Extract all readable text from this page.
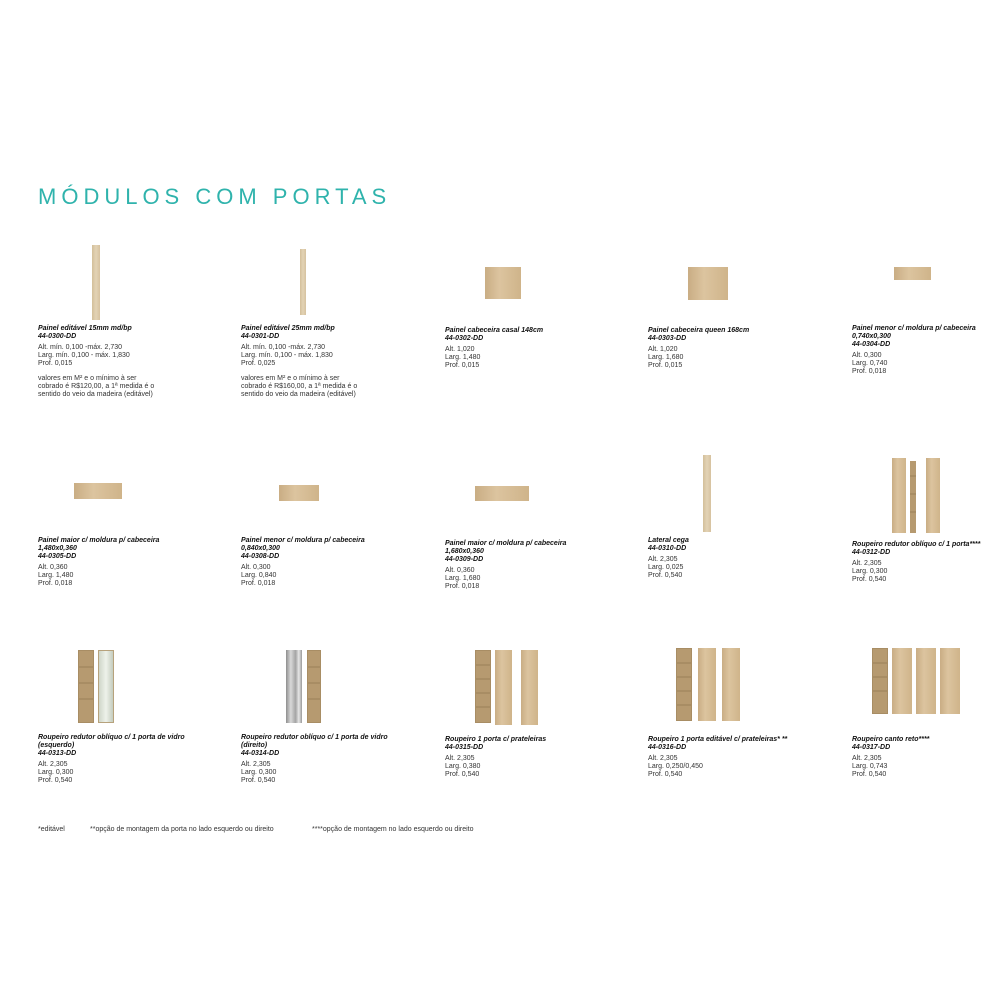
MÓDULOS COM PORTAS
Painel editável 15mm md/bp
44-0300-DD
Alt. mín. 0,100 -máx. 2,730
Larg. mín. 0,100 - máx. 1,830
Prof. 0,015
valores em M² e o mínimo à ser cobrado é R$120,00, a 1ª medida é o sentido do veio da madeira (editável)
Painel editável 25mm md/bp
44-0301-DD
Alt. mín. 0,100 -máx. 2,730
Larg. mín. 0,100 - máx. 1,830
Prof. 0,025
valores em M² e o mínimo à ser cobrado é R$160,00, a 1ª medida é o sentido do veio da madeira (editável)
Painel cabeceira casal 148cm
44-0302-DD
Alt. 1,020
Larg. 1,480
Prof. 0,015
Painel cabeceira queen 168cm
44-0303-DD
Alt. 1,020
Larg. 1,680
Prof. 0,015
Painel menor c/ moldura p/ cabeceira 0,740x0,300
44-0304-DD
Alt. 0,300
Larg. 0,740
Prof. 0,018
Painel maior c/ moldura p/ cabeceira 1,480x0,360
44-0305-DD
Alt. 0,360
Larg. 1,480
Prof. 0,018
Painel menor c/ moldura p/ cabeceira 0,840x0,300
44-0308-DD
Alt. 0,300
Larg. 0,840
Prof. 0,018
Painel maior c/ moldura p/ cabeceira 1,680x0,360
44-0309-DD
Alt. 0,360
Larg. 1,680
Prof. 0,018
Lateral cega
44-0310-DD
Alt. 2,305
Larg. 0,025
Prof. 0,540
Roupeiro redutor oblíquo c/ 1 porta****
44-0312-DD
Alt. 2,305
Larg. 0,300
Prof. 0,540
Roupeiro redutor oblíquo c/ 1 porta de vidro (esquerdo)
44-0313-DD
Alt. 2,305
Larg. 0,300
Prof. 0,540
Roupeiro redutor oblíquo c/ 1 porta de vidro (direito)
44-0314-DD
Alt. 2,305
Larg. 0,300
Prof. 0,540
Roupeiro 1 porta c/ prateleiras
44-0315-DD
Alt. 2,305
Larg. 0,380
Prof. 0,540
Roupeiro 1 porta editável c/ prateleiras* **
44-0316-DD
Alt. 2,305
Larg. 0,250/0,450
Prof. 0,540
Roupeiro canto reto****
44-0317-DD
Alt. 2,305
Larg. 0,743
Prof. 0,540
*editável	**opção de montagem da porta no lado esquerdo ou direito	****opção de montagem no lado esquerdo ou direito
